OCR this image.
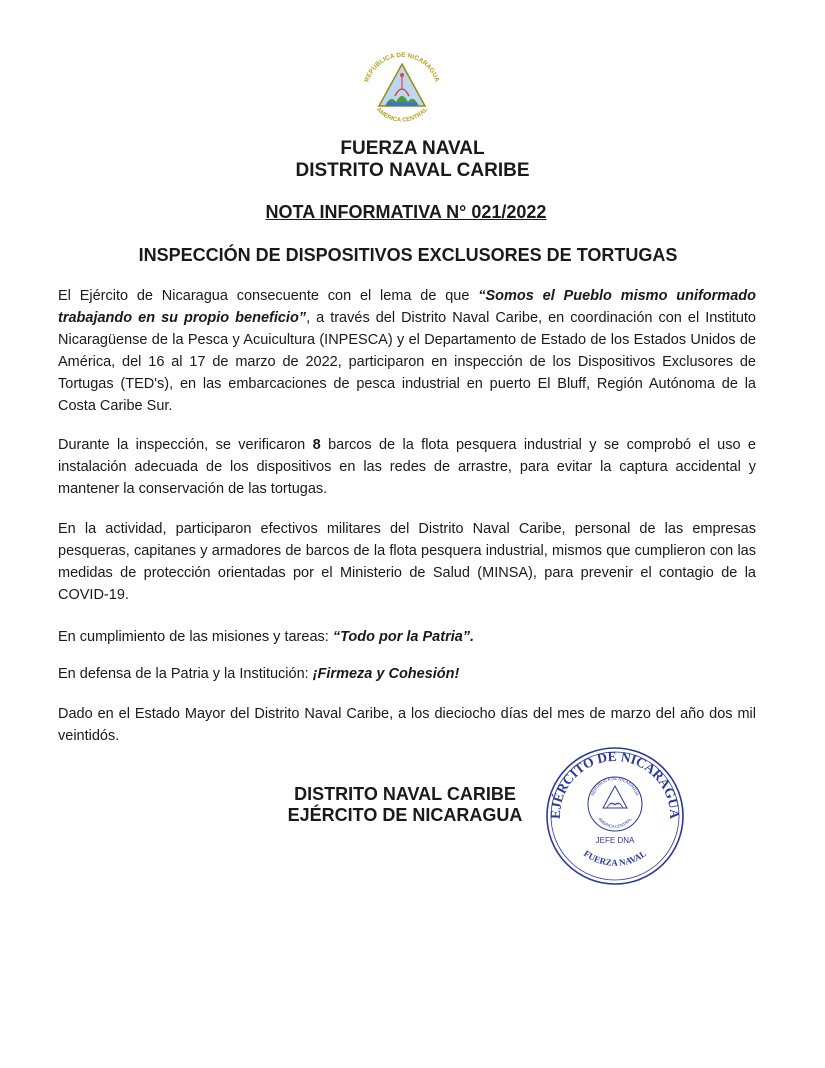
REPUBLICA DE NICARAGUA
AMERICA CENTRAL
FUERZA NAVAL
DISTRITO NAVAL CARIBE
NOTA INFORMATIVA N° 021/2022
INSPECCIÓN DE DISPOSITIVOS EXCLUSORES DE TORTUGAS

El Ejército de Nicaragua consecuente con el lema de que “Somos el Pueblo mismo uniformado trabajando en su propio beneficio”, a través del Distrito Naval Caribe, en coordinación con el Instituto Nicaragüense de la Pesca y Acuicultura (INPESCA) y el Departamento de Estado de los Estados Unidos de América, del 16 al 17 de marzo de 2022, participaron en inspección de los Dispositivos Exclusores de Tortugas (TED's), en las embarcaciones de pesca industrial en puerto El Bluff, Región Autónoma de la Costa Caribe Sur.

Durante la inspección, se verificaron 8 barcos de la flota pesquera industrial y se comprobó el uso e instalación adecuada de los dispositivos en las redes de arrastre, para evitar la captura accidental y mantener la conservación de las tortugas.

En la actividad, participaron efectivos militares del Distrito Naval Caribe, personal de las empresas pesqueras, capitanes y armadores de barcos de la flota pesquera industrial, mismos que cumplieron con las medidas de protección orientadas por el Ministerio de Salud (MINSA), para prevenir el contagio de la COVID-19.

En cumplimiento de las misiones y tareas: “Todo por la Patria”.

En defensa de la Patria y la Institución: ¡Firmeza y Cohesión!

Dado en el Estado Mayor del Distrito Naval Caribe, a los dieciocho días del mes de marzo del año dos mil veintidós.

DISTRITO NAVAL CARIBE
EJÉRCITO DE NICARAGUA	EJÉRCITO DE NICARAGUA
REPUBLICA DE NICARAGUA
AMERICA CENTRAL
JEFE DNA
FUERZA NAVAL
